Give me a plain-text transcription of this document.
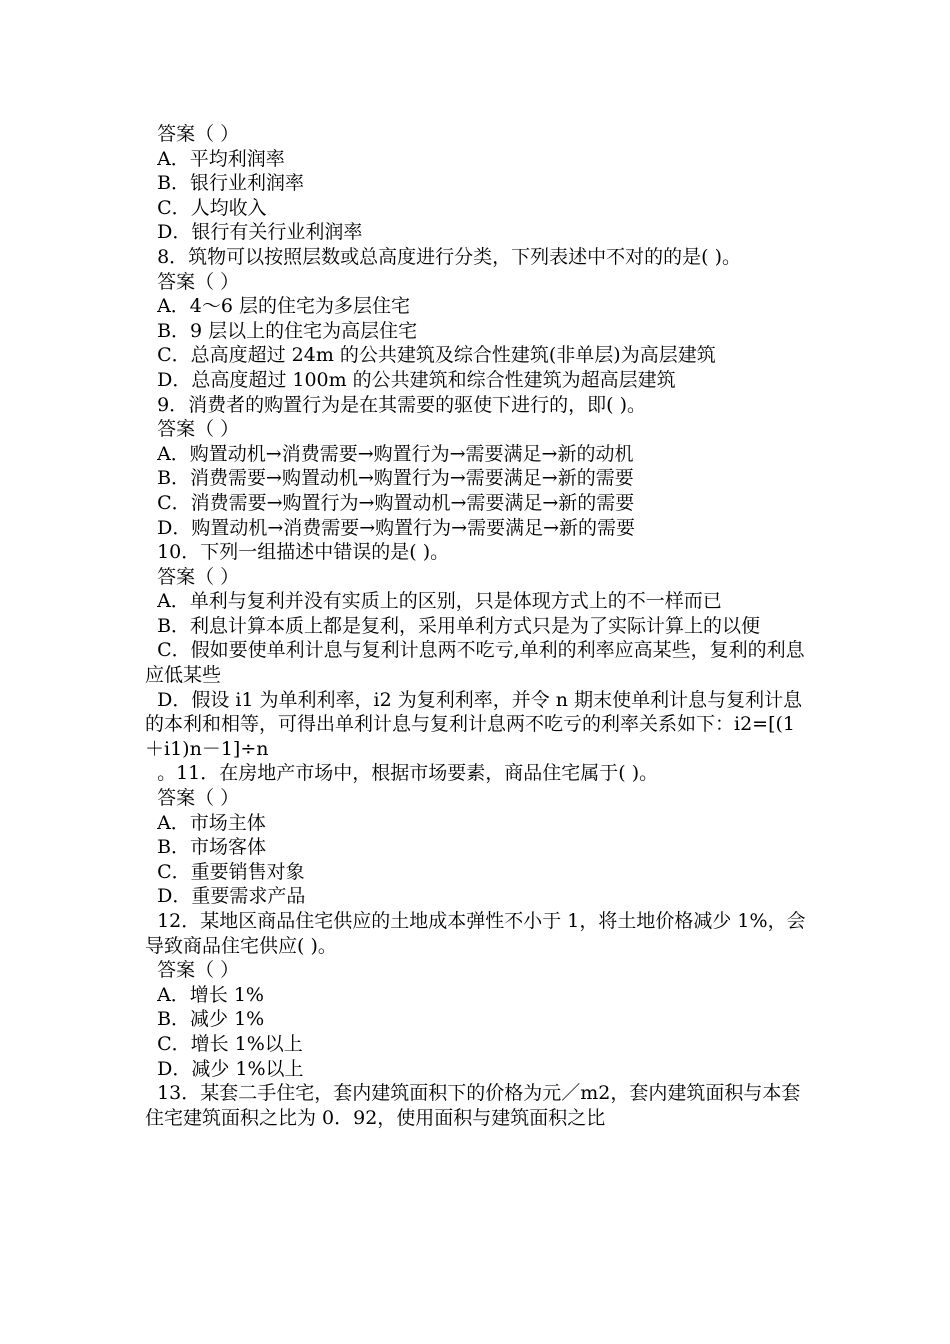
答案（ ）
A．平均利润率
B．银行业利润率
C．人均收入
D．银行有关行业利润率
8．筑物可以按照层数或总高度进行分类，下列表述中不对的的是( )。
答案（ ）
A．4～6 层的住宅为多层住宅
B．9 层以上的住宅为高层住宅
C．总高度超过 24m 的公共建筑及综合性建筑(非单层)为高层建筑
D．总高度超过 100m 的公共建筑和综合性建筑为超高层建筑
9．消费者的购置行为是在其需要的驱使下进行的，即( )。
答案（ ）
A．购置动机→消费需要→购置行为→需要满足→新的动机
B．消费需要→购置动机→购置行为→需要满足→新的需要
C．消费需要→购置行为→购置动机→需要满足→新的需要
D．购置动机→消费需要→购置行为→需要满足→新的需要
10．下列一组描述中错误的是( )。
答案（ ）
A．单利与复利并没有实质上的区别，只是体现方式上的不一样而已
B．利息计算本质上都是复利，采用单利方式只是为了实际计算上的以便
C．假如要使单利计息与复利计息两不吃亏,单利的利率应高某些，复利的利息应低某些
D．假设 i1 为单利利率，i2 为复利利率，并令 n 期末使单利计息与复利计息的本利和相等，可得出单利计息与复利计息两不吃亏的利率关系如下：i2=[(1＋i1)n－1]÷n
。11．在房地产市场中，根据市场要素，商品住宅属于( )。
答案（ ）
A．市场主体
B．市场客体
C．重要销售对象
D．重要需求产品
12．某地区商品住宅供应的土地成本弹性不小于 1，将土地价格减少 1%，会导致商品住宅供应( )。
答案（ ）
A．增长 1%
B．减少 1%
C．增长 1%以上
D．减少 1%以上
13．某套二手住宅，套内建筑面积下的价格为元／m2，套内建筑面积与本套住宅建筑面积之比为 0．92，使用面积与建筑面积之比
